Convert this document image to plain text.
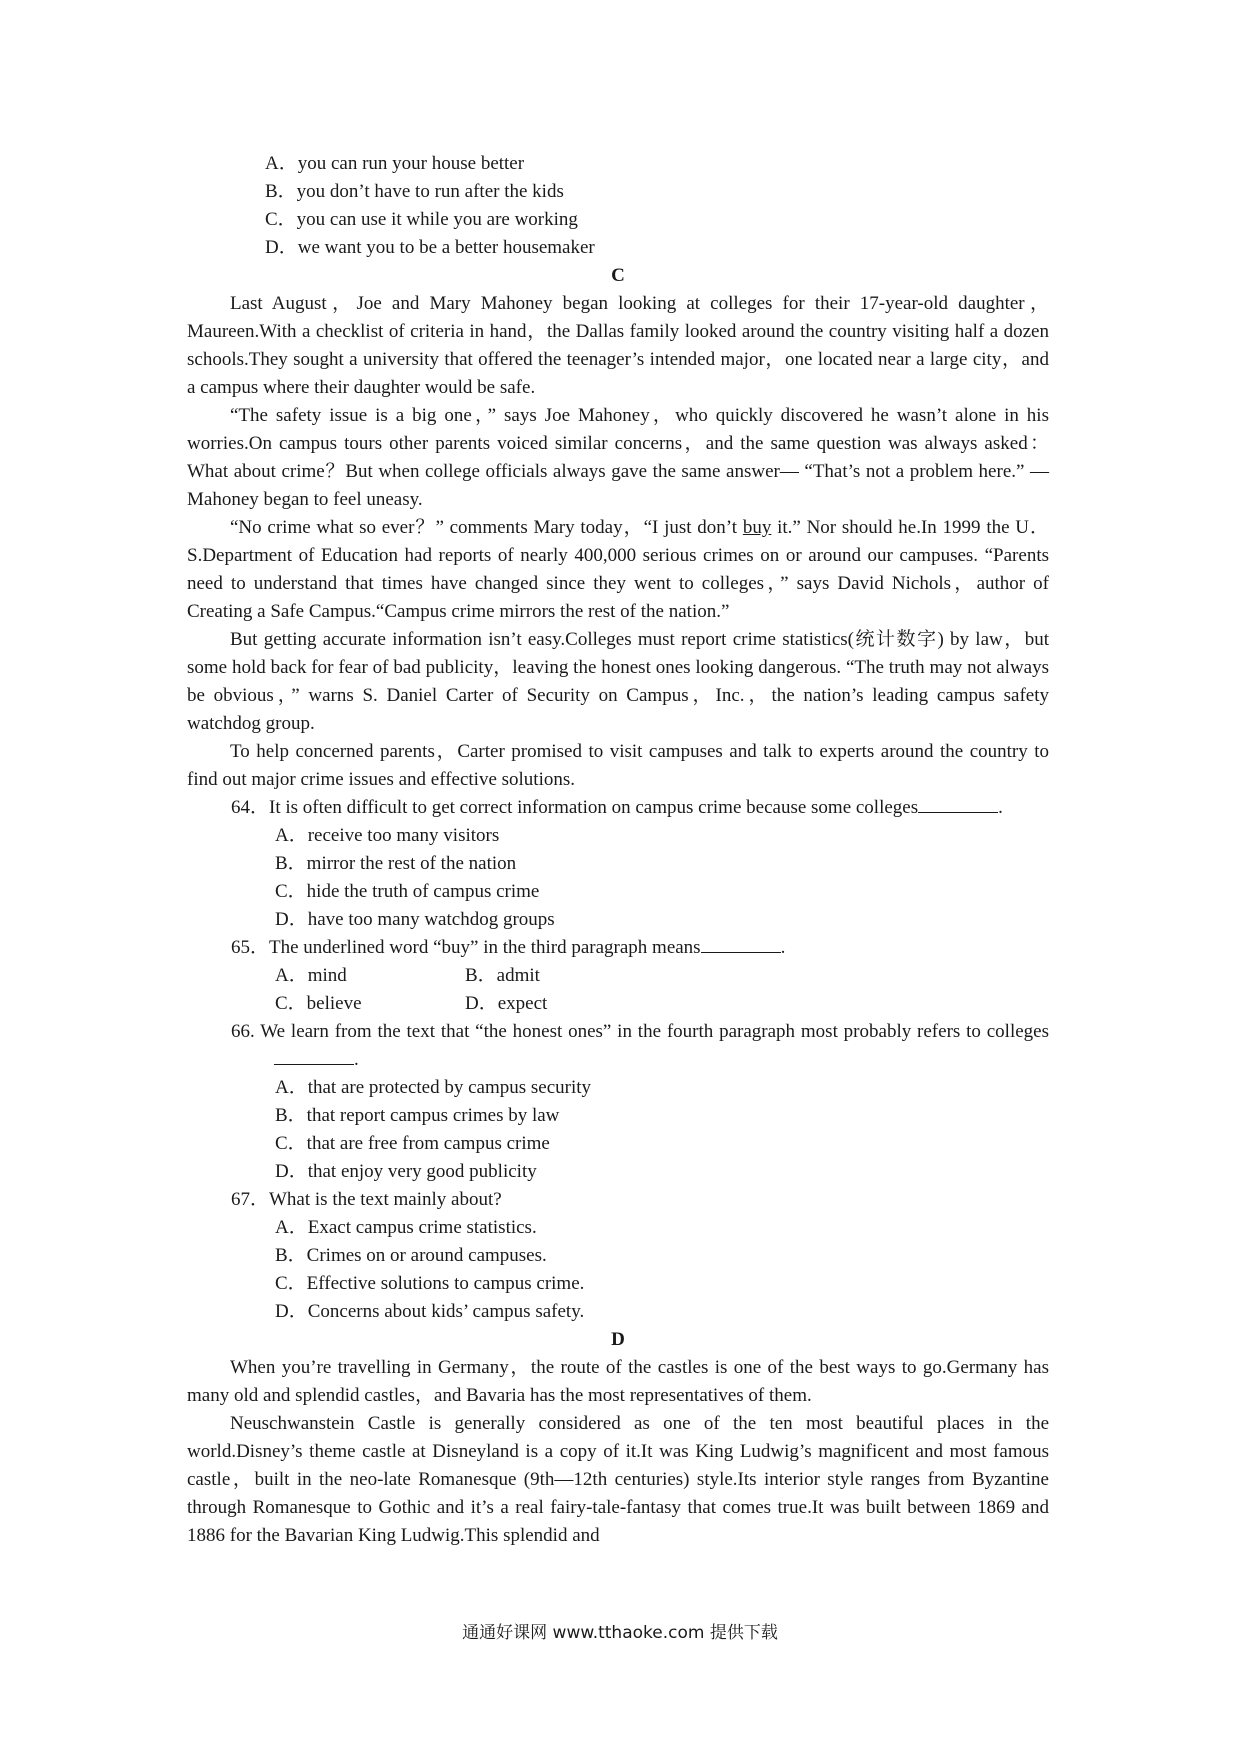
A．you can run your house better
B．you don’t have to run after the kids
C．you can use it while you are working
D．we want you to be a better housemaker
C

Last August，Joe and Mary Mahoney began looking at colleges for their 17-year-old daughter，Maureen.With a checklist of criteria in hand，the Dallas family looked around the country visiting half a dozen schools.They sought a university that offered the teenager’s intended major，one located near a large city，and a campus where their daughter would be safe.

“The safety issue is a big one，” says Joe Mahoney，who quickly discovered he wasn’t alone in his worries.On campus tours other parents voiced similar concerns，and the same question was always asked：What about crime？But when college officials always gave the same answer— “That’s not a problem here.” —Mahoney began to feel uneasy.

“No crime what so ever？” comments Mary today，“I just don’t buy it.” Nor should he.In 1999 the U．S.Department of Education had reports of nearly 400,000 serious crimes on or around our campuses. “Parents need to understand that times have changed since they went to colleges，” says David Nichols，author of Creating a Safe Campus.“Campus crime mirrors the rest of the nation.”

But getting accurate information isn’t easy.Colleges must report crime statistics(统计数字) by law，but some hold back for fear of bad publicity，leaving the honest ones looking dangerous. “The truth may not always be obvious，” warns S. Daniel Carter of Security on Campus，Inc.，the nation’s leading campus safety watchdog group.

To help concerned parents，Carter promised to visit campuses and talk to experts around the country to find out major crime issues and effective solutions.

64．It is often difficult to get correct information on campus crime because some colleges	.
A．receive too many visitors
B．mirror the rest of the nation
C．hide the truth of campus crime
D．have too many watchdog groups
65．The underlined word “buy” in the third paragraph means	.
A．mind	B．admit
C．believe	D．expect
66. We learn from the text that “the honest ones” in the fourth paragraph most probably refers to colleges.
A．that are protected by campus security
B．that report campus crimes by law
C．that are free from campus crime
D．that enjoy very good publicity
67．What is the text mainly about?
A．Exact campus crime statistics.
B．Crimes on or around campuses.
C．Effective solutions to campus crime.
D．Concerns about kids’ campus safety.
D

When you’re travelling in Germany，the route of the castles is one of the best ways to go.Germany has many old and splendid castles，and Bavaria has the most representatives of them.

Neuschwanstein Castle is generally considered as one of the ten most beautiful places in the world.Disney’s theme castle at Disneyland is a copy of it.It was King Ludwig’s magnificent and most famous castle，built in the neo-late Romanesque (9th—12th centuries) style.Its interior style ranges from Byzantine through Romanesque to Gothic and it’s a real fairy-tale-fantasy that comes true.It was built between 1869 and 1886 for the Bavarian King Ludwig.This splendid and

通通好课网 www.tthaoke.com 提供下载
